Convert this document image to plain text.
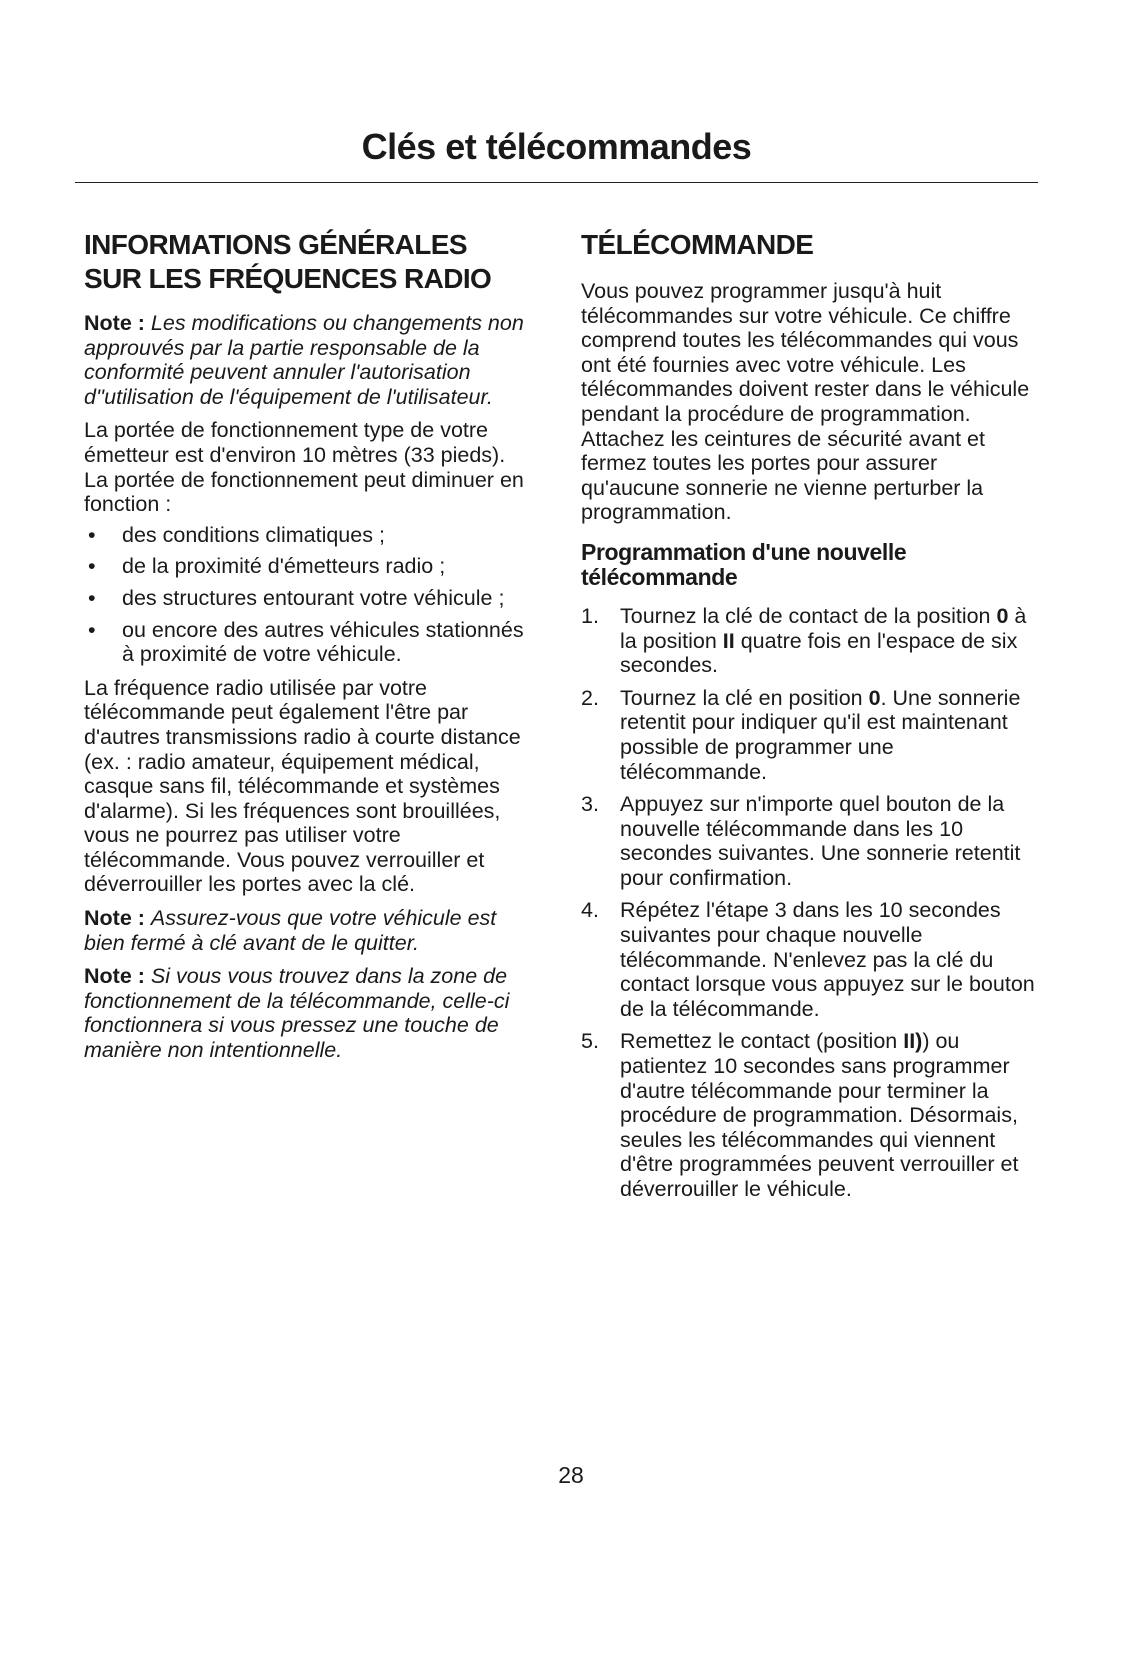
Clés et télécommandes
INFORMATIONS GÉNÉRALES
SUR LES FRÉQUENCES RADIO

Note : Les modifications ou changements non approuvés par la partie responsable de la conformité peuvent annuler l'autorisation d''utilisation de l'équipement de l'utilisateur.

La portée de fonctionnement type de votre émetteur est d'environ 10 mètres (33 pieds). La portée de fonctionnement peut diminuer en fonction :

• des conditions climatiques ;
• de la proximité d'émetteurs radio ;
• des structures entourant votre véhicule ;
• ou encore des autres véhicules stationnés à proximité de votre véhicule.

La fréquence radio utilisée par votre télécommande peut également l'être par d'autres transmissions radio à courte distance (ex. : radio amateur, équipement médical, casque sans fil, télécommande et systèmes d'alarme). Si les fréquences sont brouillées, vous ne pourrez pas utiliser votre télécommande. Vous pouvez verrouiller et déverrouiller les portes avec la clé.

Note : Assurez-vous que votre véhicule est bien fermé à clé avant de le quitter.

Note : Si vous vous trouvez dans la zone de fonctionnement de la télécommande, celle-ci fonctionnera si vous pressez une touche de manière non intentionnelle.

TÉLÉCOMMANDE

Vous pouvez programmer jusqu'à huit télécommandes sur votre véhicule. Ce chiffre comprend toutes les télécommandes qui vous ont été fournies avec votre véhicule. Les télécommandes doivent rester dans le véhicule pendant la procédure de programmation. Attachez les ceintures de sécurité avant et fermez toutes les portes pour assurer qu'aucune sonnerie ne vienne perturber la programmation.

Programmation d'une nouvelle télécommande
1. Tournez la clé de contact de la position 0 à la position II quatre fois en l'espace de six secondes.
2. Tournez la clé en position 0. Une sonnerie retentit pour indiquer qu'il est maintenant possible de programmer une télécommande.
3. Appuyez sur n'importe quel bouton de la nouvelle télécommande dans les 10 secondes suivantes. Une sonnerie retentit pour confirmation.
4. Répétez l'étape 3 dans les 10 secondes suivantes pour chaque nouvelle télécommande. N'enlevez pas la clé du contact lorsque vous appuyez sur le bouton de la télécommande.
5. Remettez le contact (position II)) ou patientez 10 secondes sans programmer d'autre télécommande pour terminer la procédure de programmation. Désormais, seules les télécommandes qui viennent d'être programmées peuvent verrouiller et déverrouiller le véhicule.
28
